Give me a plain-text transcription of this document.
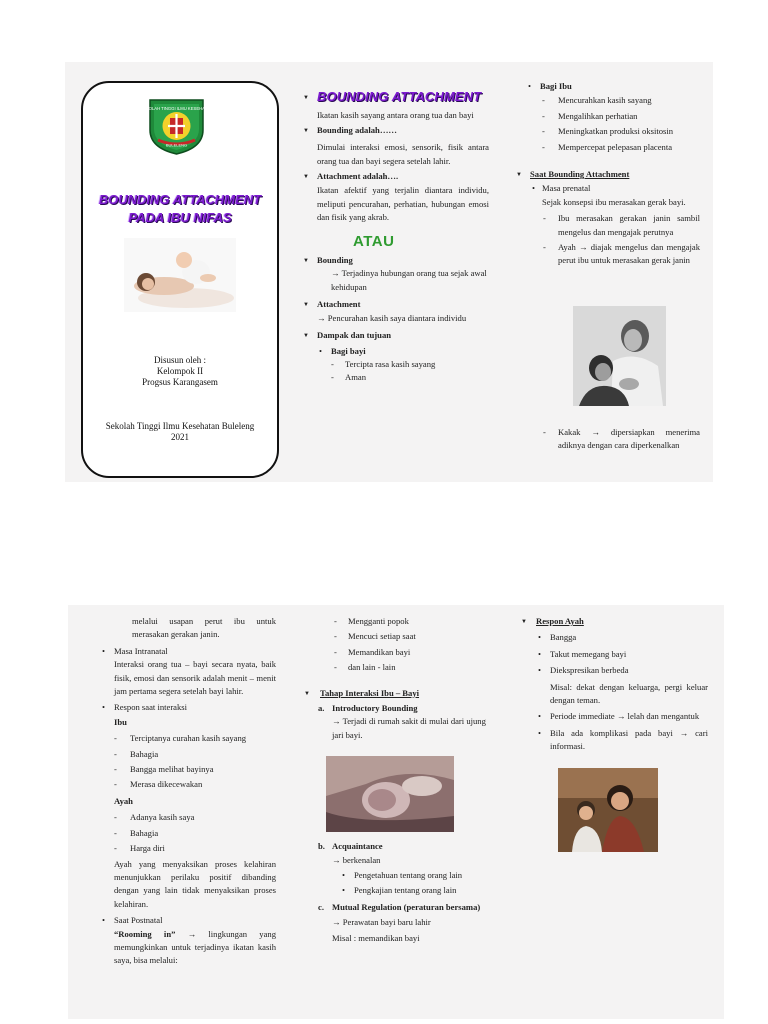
SEKOLAH TINGGI ILMU KESEHATAN
BULELENG
BOUNDING ATTACHMENT
PADA IBU NIFAS
Disusun oleh :
Kelompok II
Progsus Karangasem
Sekolah Tinggi Ilmu Kesehatan Buleleng
2021
▼ BOUNDING ATTACHMENT

Ikatan kasih sayang antara orang tua dan bayi

▼ Bounding adalah……

Dimulai interaksi emosi, sensorik, fisik antara orang tua dan bayi segera setelah lahir.

▼ Attachment adalah….

Ikatan afektif yang terjalin diantara individu, meliputi pencurahan, perhatian, hubungan emosi dan fisik yang akrab.

ATAU
▼ Bounding

→ Terjadinya hubungan orang tua sejak awal kehidupan

▼ Attachment

→ Pencurahan kasih saya diantara individu

▼ Dampak dan tujuan
• Bagi bayi
- Tercipta rasa kasih sayang
- Aman
• Bagi Ibu
- Mencurahkan kasih sayang
- Mengalihkan perhatian
- Meningkatkan produksi oksitosin
- Mempercepat pelepasan placenta
▼ Saat Bounding Attachment
• Masa prenatal

Sejak konsepsi ibu merasakan gerak bayi.

- Ibu merasakan gerakan janin sambil mengelus dan mengajak perutnya
- Ayah → diajak mengelus dan mengajak perut ibu untuk merasakan gerak janin
- Kakak → dipersiapkan menerima adiknya dengan cara diperkenalkan

melalui usapan perut ibu untuk merasakan gerakan janin.

• Masa Intranatal

Interaksi orang tua – bayi secara nyata, baik fisik, emosi dan sensorik adalah menit – menit jam pertama segera setelah bayi lahir.

• Respon saat interaksi
Ibu
- Terciptanya curahan kasih sayang
- Bahagia
- Bangga melihat bayinya
- Merasa dikecewakan
Ayah
- Adanya kasih saya
- Bahagia
- Harga diri

Ayah yang menyaksikan proses kelahiran menunjukkan perilaku positif dibanding dengan yang lain tidak menyaksikan proses kelahiran.

• Saat Postnatal

“Rooming in” → lingkungan yang memungkinkan untuk terjadinya ikatan kasih saya, bisa melalui:

- Mengganti popok
- Mencuci setiap saat
- Memandikan bayi
- dan lain - lain
▼ Tahap Interaksi Ibu – Bayi
a. Introductory Bounding

→ Terjadi di rumah sakit di mulai dari ujung jari bayi.

b. Acquaintance

→ berkenalan

• Pengetahuan tentang orang lain
• Pengkajian tentang orang lain
c. Mutual Regulation (peraturan bersama)

→ Perawatan bayi baru lahir

Misal : memandikan bayi

▼ Respon Ayah
• Bangga
• Takut memegang bayi
• Diekspresikan berbeda

Misal: dekat dengan keluarga, pergi keluar dengan teman.

• Periode immediate → lelah dan mengantuk
• Bila ada komplikasi pada bayi → cari informasi.
